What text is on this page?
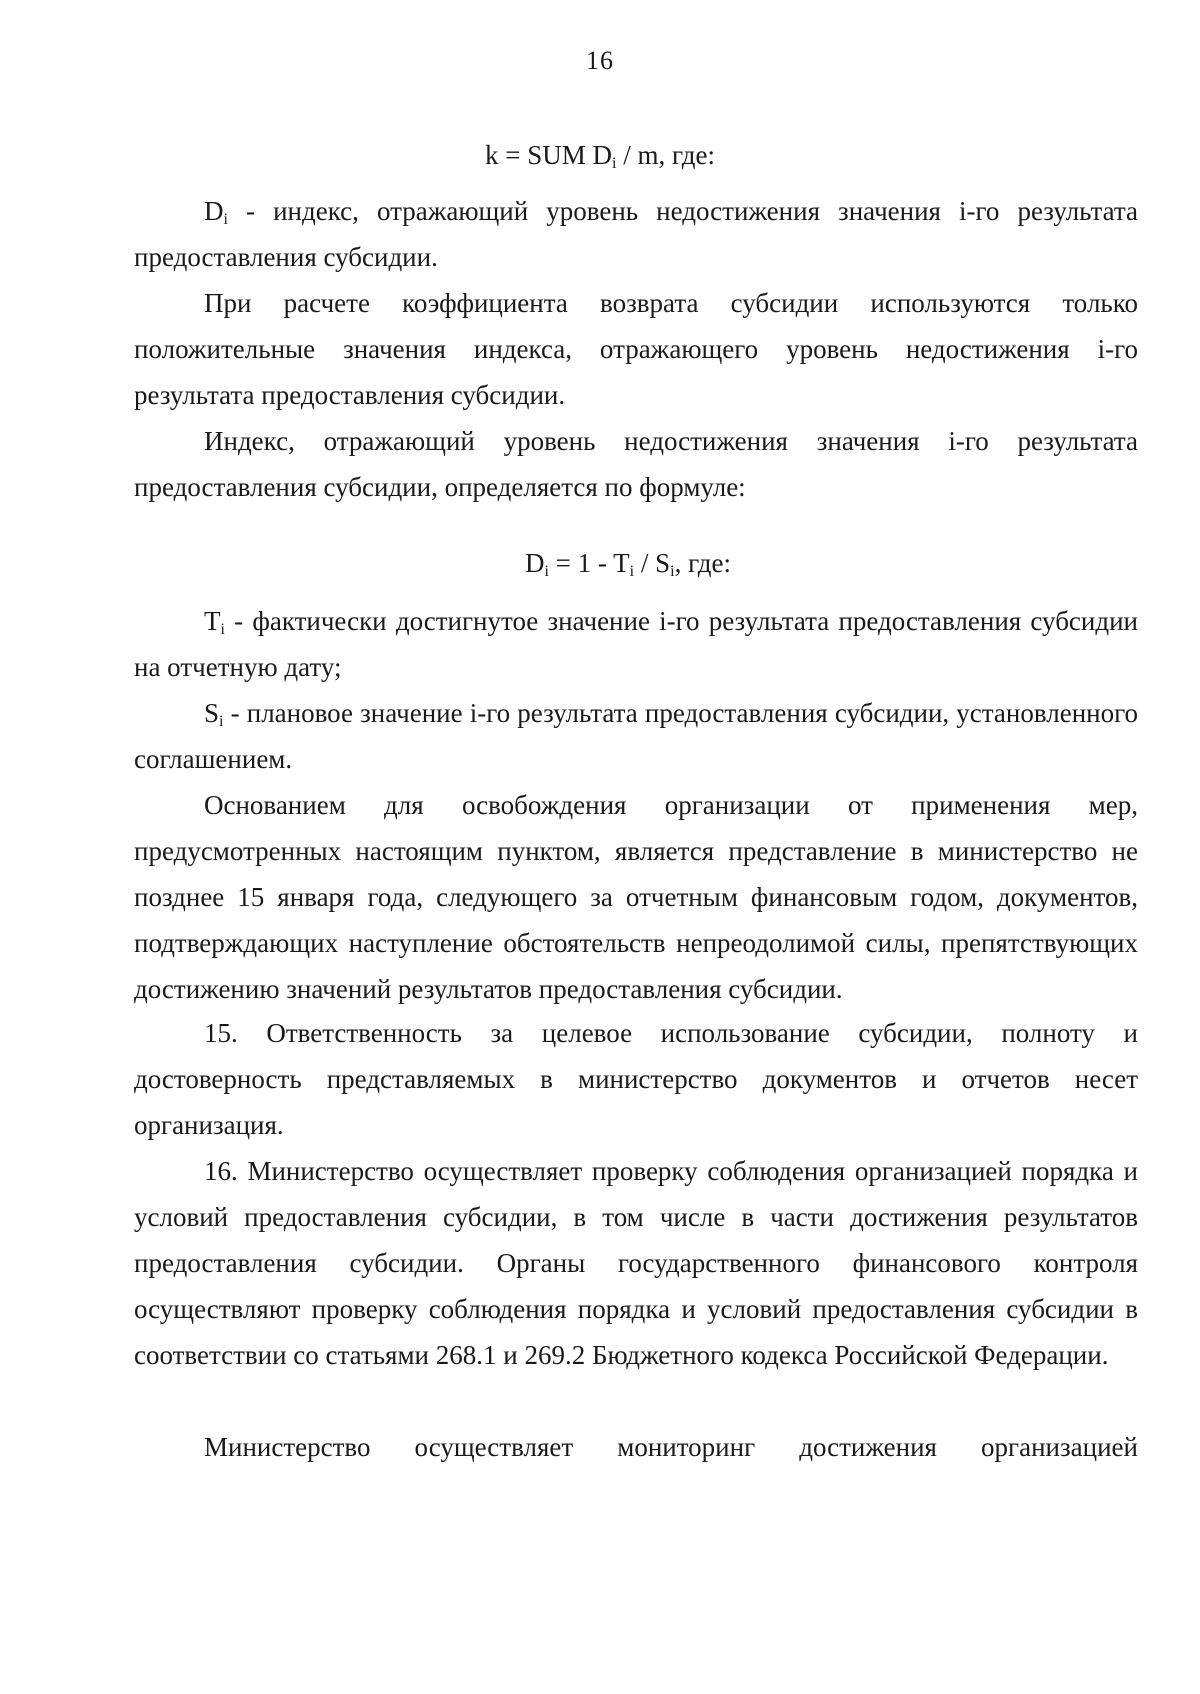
16
k = SUM $D_i$ / m, где:

$D_i$ - индекс, отражающий уровень недостижения значения i-го результата предоставления субсидии.

При расчете коэффициента возврата субсидии используются только положительные значения индекса, отражающего уровень недостижения i-го результата предоставления субсидии.

Индекс, отражающий уровень недостижения значения i-го результата предоставления субсидии, определяется по формуле:

$D_i = 1 - T_i / S_i$, где:

$T_i$ - фактически достигнутое значение i-го результата предоставления субсидии на отчетную дату;

$S_i$ - плановое значение i-го результата предоставления субсидии, установленного соглашением.

Основанием для освобождения организации от применения мер, предусмотренных настоящим пунктом, является представление в министерство не позднее 15 января года, следующего за отчетным финансовым годом, документов, подтверждающих наступление обстоятельств непреодолимой силы, препятствующих достижению значений результатов предоставления субсидии.

15. Ответственность за целевое использование субсидии, полноту и достоверность представляемых в министерство документов и отчетов несет организация.

16. Министерство осуществляет проверку соблюдения организацией порядка и условий предоставления субсидии, в том числе в части достижения результатов предоставления субсидии. Органы государственного финансового контроля осуществляют проверку соблюдения порядка и условий предоставления субсидии в соответствии со статьями 268.1 и 269.2 Бюджетного кодекса Российской Федерации.

Министерство осуществляет мониторинг достижения организацией
